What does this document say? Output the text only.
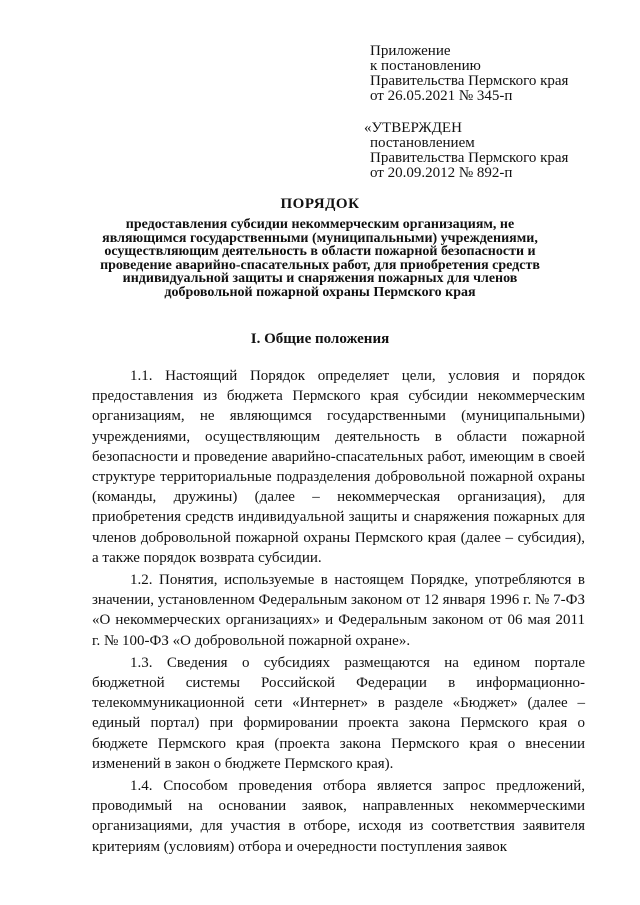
Приложение
к постановлению
Правительства Пермского края
от 26.05.2021 № 345-п
«УТВЕРЖДЕН
постановлением
Правительства Пермского края
от 20.09.2012 № 892-п
ПОРЯДОК
предоставления субсидии некоммерческим организациям, не являющимся государственными (муниципальными) учреждениями, осуществляющим деятельность в области пожарной безопасности и проведение аварийно-спасательных работ, для приобретения средств индивидуальной защиты и снаряжения пожарных для членов добровольной пожарной охраны Пермского края
I. Общие положения

1.1. Настоящий Порядок определяет цели, условия и порядок предоставления из бюджета Пермского края субсидии некоммерческим организациям, не являющимся государственными (муниципальными) учреждениями, осуществляющим деятельность в области пожарной безопасности и проведение аварийно-спасательных работ, имеющим в своей структуре территориальные подразделения добровольной пожарной охраны (команды, дружины) (далее – некоммерческая организация), для приобретения средств индивидуальной защиты и снаряжения пожарных для членов добровольной пожарной охраны Пермского края (далее – субсидия), а также порядок возврата субсидии.

1.2. Понятия, используемые в настоящем Порядке, употребляются в значении, установленном Федеральным законом от 12 января 1996 г. № 7-ФЗ «О некоммерческих организациях» и Федеральным законом от 06 мая 2011 г. № 100-ФЗ «О добровольной пожарной охране».

1.3. Сведения о субсидиях размещаются на едином портале бюджетной системы Российской Федерации в информационно-телекоммуникационной сети «Интернет» в разделе «Бюджет» (далее – единый портал) при формировании проекта закона Пермского края о бюджете Пермского края (проекта закона Пермского края о внесении изменений в закон о бюджете Пермского края).

1.4. Способом проведения отбора является запрос предложений, проводимый на основании заявок, направленных некоммерческими организациями, для участия в отборе, исходя из соответствия заявителя критериям (условиям) отбора и очередности поступления заявок
